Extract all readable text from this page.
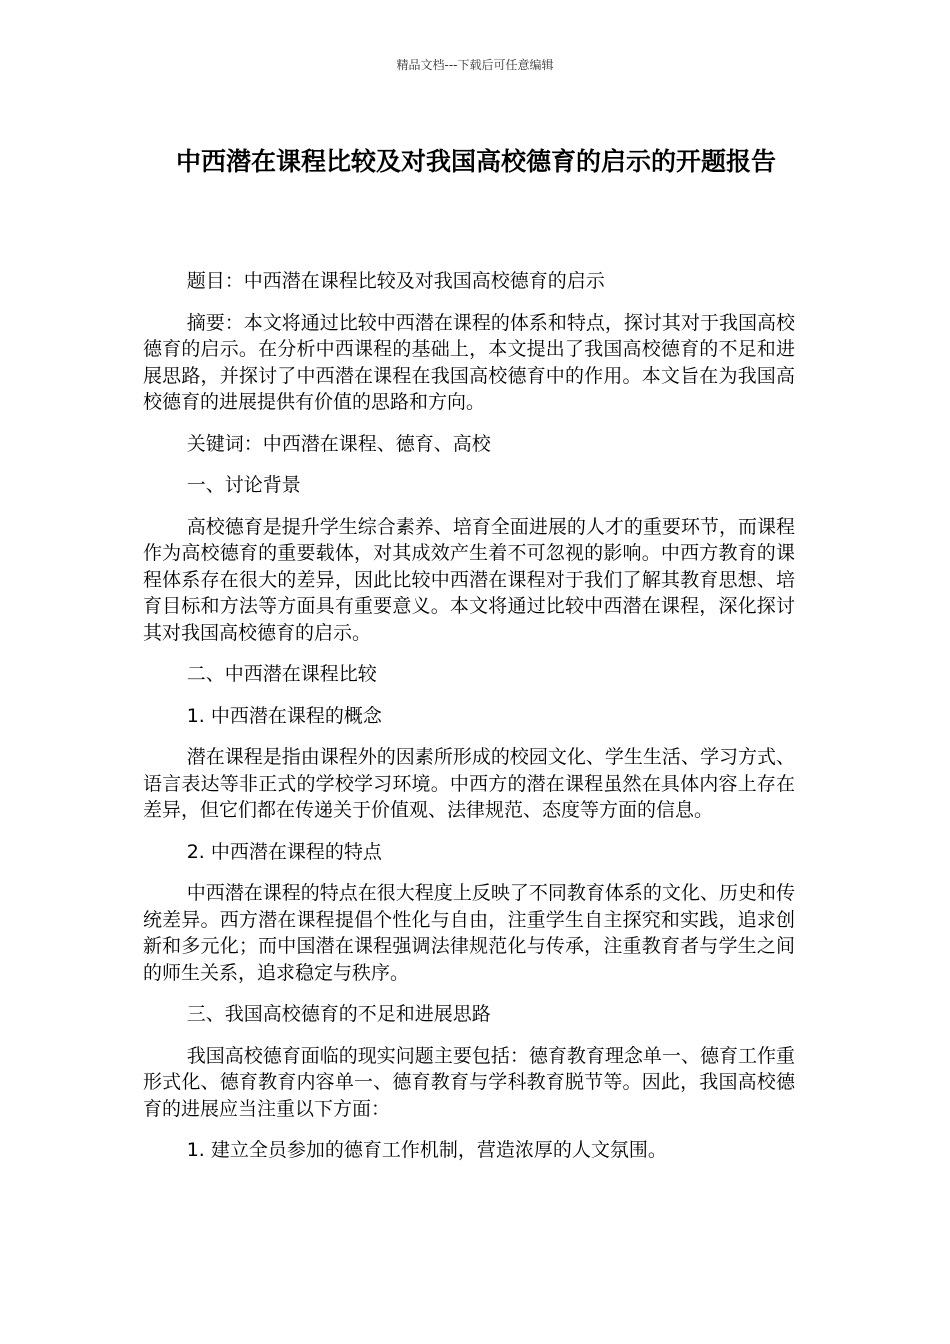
精品文档---下载后可任意编辑
中西潜在课程比较及对我国高校德育的启示的开题报告

题目：中西潜在课程比较及对我国高校德育的启示

摘要：本文将通过比较中西潜在课程的体系和特点，探讨其对于我国高校德育的启示。在分析中西课程的基础上，本文提出了我国高校德育的不足和进展思路，并探讨了中西潜在课程在我国高校德育中的作用。本文旨在为我国高校德育的进展提供有价值的思路和方向。

关键词：中西潜在课程、德育、高校

一、讨论背景

高校德育是提升学生综合素养、培育全面进展的人才的重要环节，而课程作为高校德育的重要载体，对其成效产生着不可忽视的影响。中西方教育的课程体系存在很大的差异，因此比较中西潜在课程对于我们了解其教育思想、培育目标和方法等方面具有重要意义。本文将通过比较中西潜在课程，深化探讨其对我国高校德育的启示。

二、中西潜在课程比较

1. 中西潜在课程的概念

潜在课程是指由课程外的因素所形成的校园文化、学生生活、学习方式、语言表达等非正式的学校学习环境。中西方的潜在课程虽然在具体内容上存在差异，但它们都在传递关于价值观、法律规范、态度等方面的信息。

2. 中西潜在课程的特点

中西潜在课程的特点在很大程度上反映了不同教育体系的文化、历史和传统差异。西方潜在课程提倡个性化与自由，注重学生自主探究和实践，追求创新和多元化；而中国潜在课程强调法律规范化与传承，注重教育者与学生之间的师生关系，追求稳定与秩序。

三、我国高校德育的不足和进展思路

我国高校德育面临的现实问题主要包括：德育教育理念单一、德育工作重形式化、德育教育内容单一、德育教育与学科教育脱节等。因此，我国高校德育的进展应当注重以下方面：

1. 建立全员参加的德育工作机制，营造浓厚的人文氛围。
